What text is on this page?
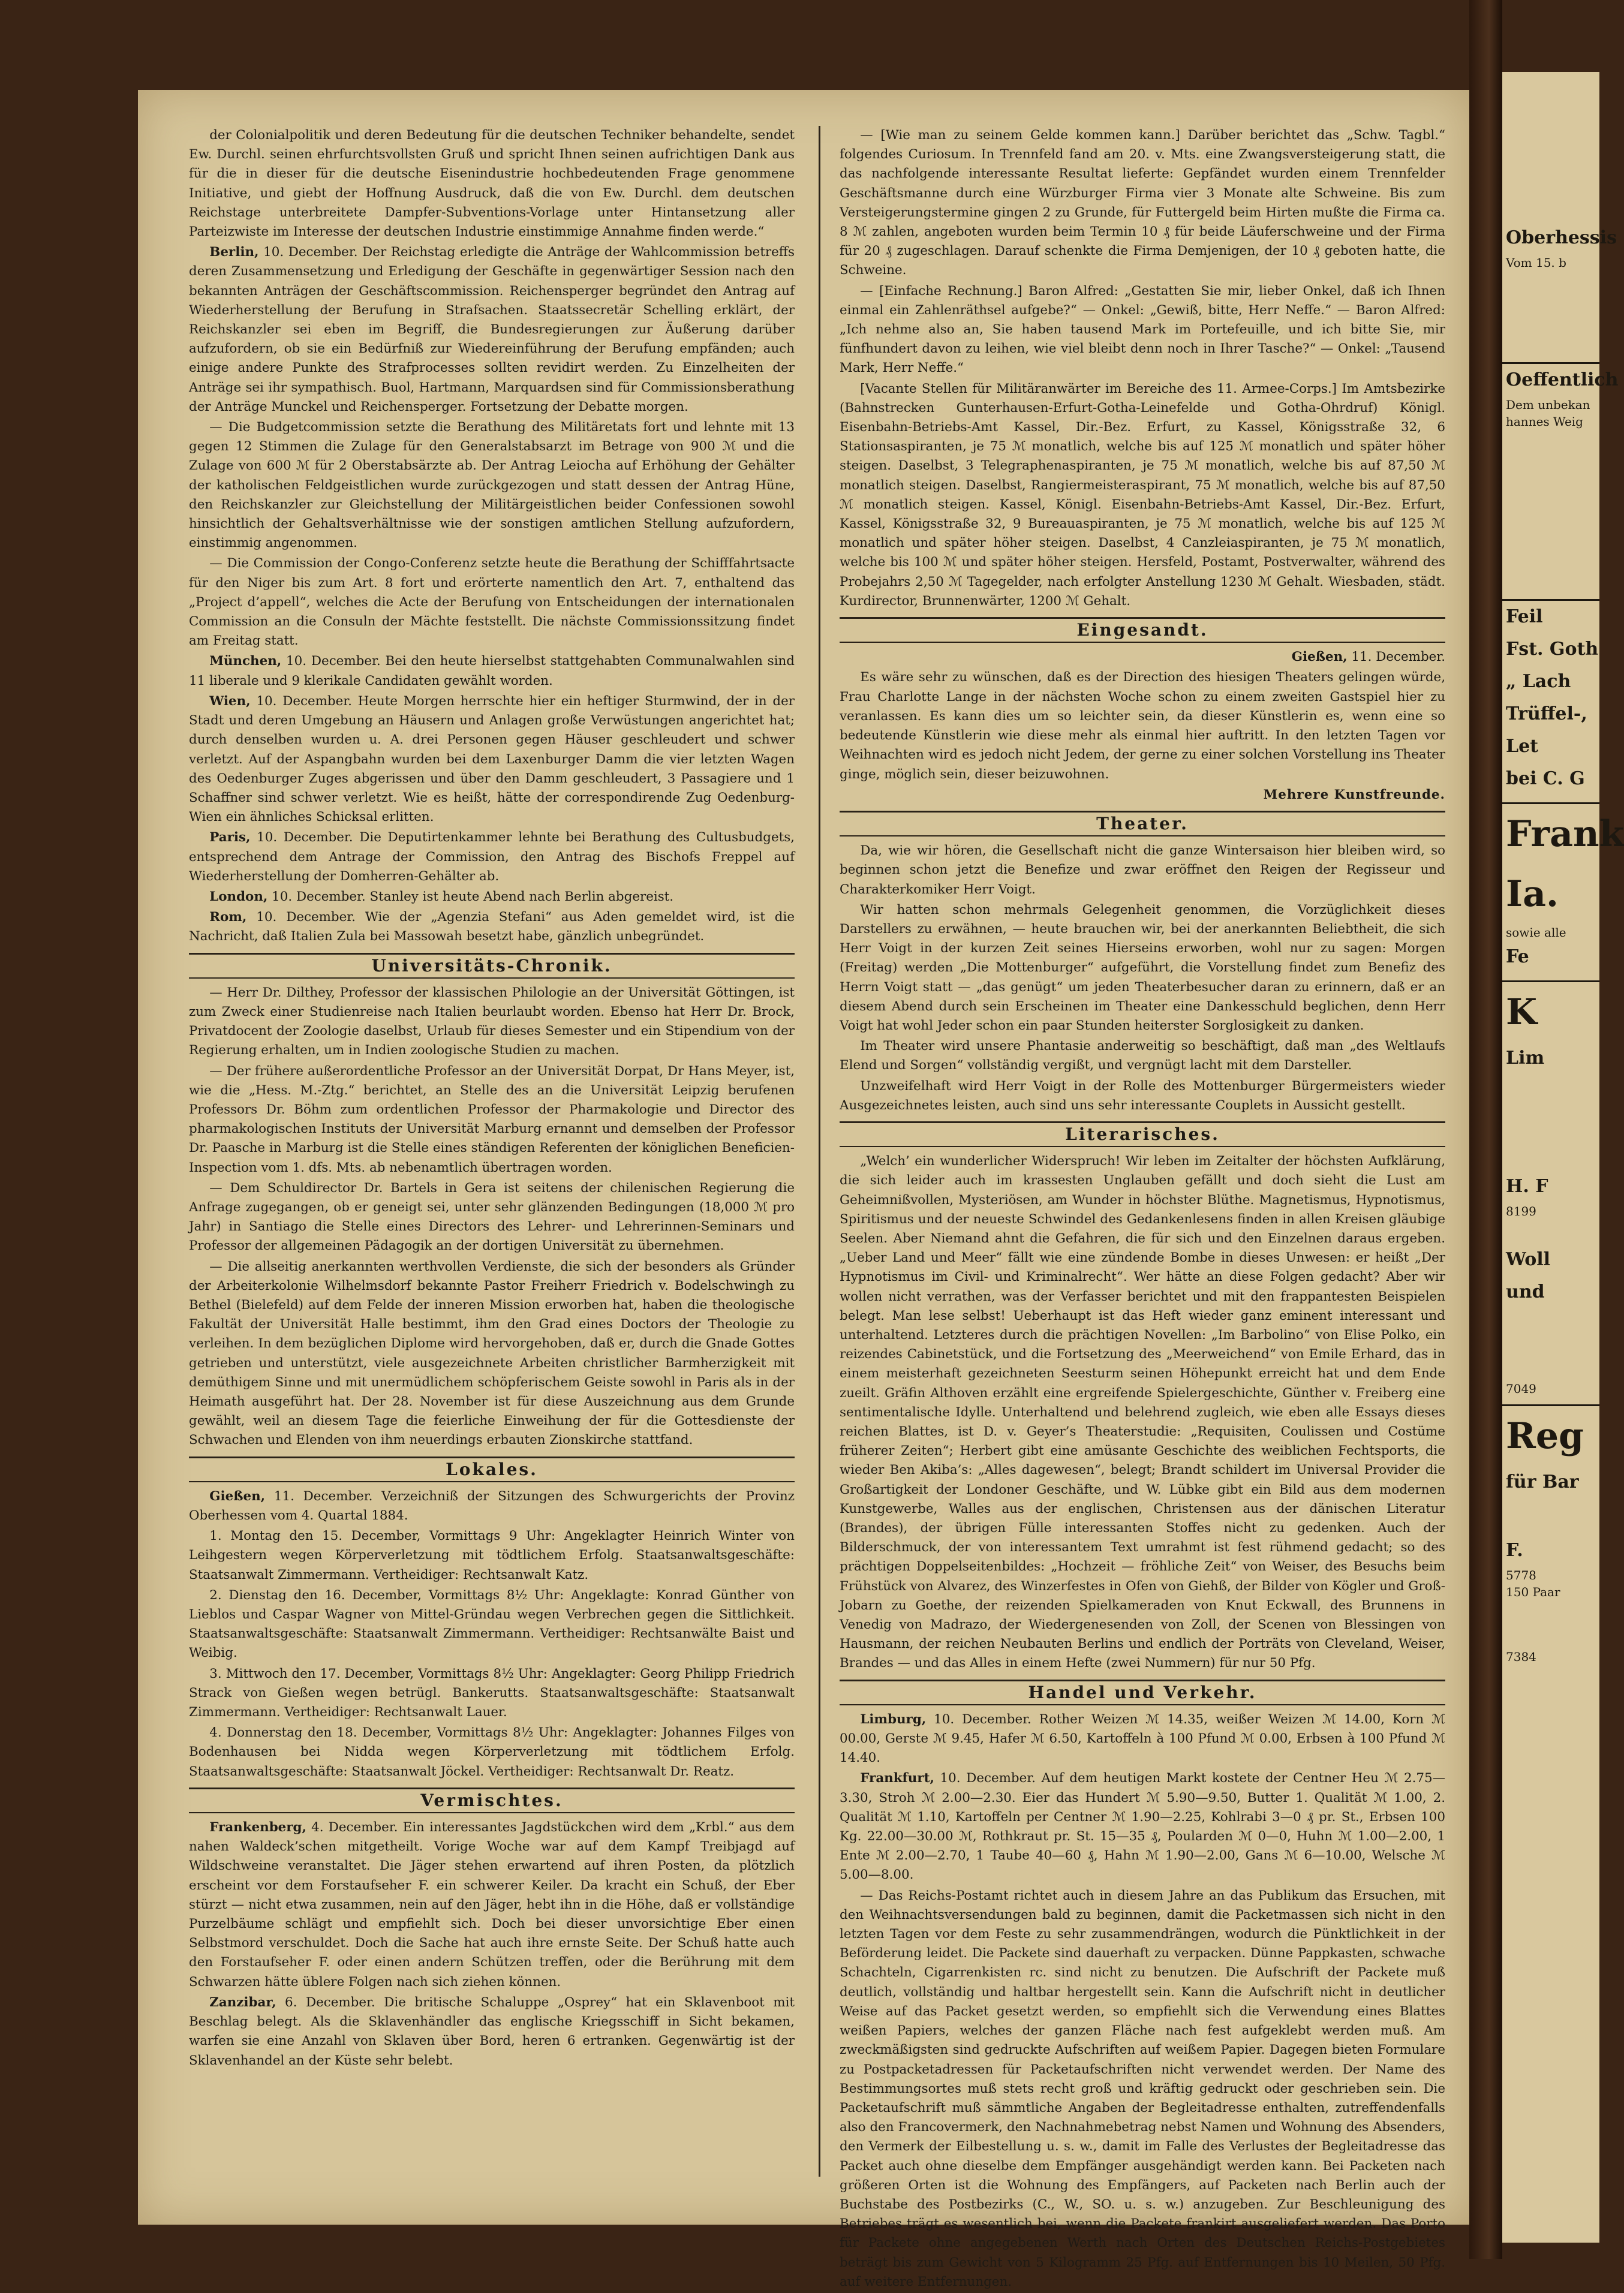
der Colonialpolitik und deren Bedeutung für die deutschen Techniker behandelte, sendet Ew. Durchl. seinen ehrfurchtsvollsten Gruß und spricht Ihnen seinen aufrichtigen Dank aus für die in dieser für die deutsche Eisenindustrie hochbedeutenden Frage genommene Initiative, und giebt der Hoffnung Ausdruck, daß die von Ew. Durchl. dem deutschen Reichstage unterbreitete Dampfer-Subventions-Vorlage unter Hintansetzung aller Parteizwiste im Interesse der deutschen Industrie einstimmige Annahme finden werde.“

Berlin, 10. December. Der Reichstag erledigte die Anträge der Wahlcommission betreffs deren Zusammensetzung und Erledigung der Geschäfte in gegenwärtiger Session nach den bekannten Anträgen der Geschäftscommission. Reichensperger begründet den Antrag auf Wiederherstellung der Berufung in Strafsachen. Staatssecretär Schelling erklärt, der Reichskanzler sei eben im Begriff, die Bundesregierungen zur Äußerung darüber aufzufordern, ob sie ein Bedürfniß zur Wiedereinführung der Berufung empfänden; auch einige andere Punkte des Strafprocesses sollten revidirt werden. Zu Einzelheiten der Anträge sei ihr sympathisch. Buol, Hartmann, Marquardsen sind für Commissionsberathung der Anträge Munckel und Reichensperger. Fortsetzung der Debatte morgen.

— Die Budgetcommission setzte die Berathung des Militäretats fort und lehnte mit 13 gegen 12 Stimmen die Zulage für den Generalstabsarzt im Betrage von 900 ℳ und die Zulage von 600 ℳ für 2 Oberstabsärzte ab. Der Antrag Leiocha auf Erhöhung der Gehälter der katholischen Feldgeistlichen wurde zurückgezogen und statt dessen der Antrag Hüne, den Reichskanzler zur Gleichstellung der Militärgeistlichen beider Confessionen sowohl hinsichtlich der Gehaltsverhältnisse wie der sonstigen amtlichen Stellung aufzufordern, einstimmig angenommen.

— Die Commission der Congo-Conferenz setzte heute die Berathung der Schifffahrtsacte für den Niger bis zum Art. 8 fort und erörterte namentlich den Art. 7, enthaltend das „Project d’appell“, welches die Acte der Berufung von Entscheidungen der internationalen Commission an die Consuln der Mächte feststellt. Die nächste Commissionssitzung findet am Freitag statt.

München, 10. December. Bei den heute hierselbst stattgehabten Communalwahlen sind 11 liberale und 9 klerikale Candidaten gewählt worden.

Wien, 10. December. Heute Morgen herrschte hier ein heftiger Sturmwind, der in der Stadt und deren Umgebung an Häusern und Anlagen große Verwüstungen angerichtet hat; durch denselben wurden u. A. drei Personen gegen Häuser geschleudert und schwer verletzt. Auf der Aspangbahn wurden bei dem Laxenburger Damm die vier letzten Wagen des Oedenburger Zuges abgerissen und über den Damm geschleudert, 3 Passagiere und 1 Schaffner sind schwer verletzt. Wie es heißt, hätte der correspondirende Zug Oedenburg-Wien ein ähnliches Schicksal erlitten.

Paris, 10. December. Die Deputirtenkammer lehnte bei Berathung des Cultusbudgets, entsprechend dem Antrage der Commission, den Antrag des Bischofs Freppel auf Wiederherstellung der Domherren-Gehälter ab.

London, 10. December. Stanley ist heute Abend nach Berlin abgereist.

Rom, 10. December. Wie der „Agenzia Stefani“ aus Aden gemeldet wird, ist die Nachricht, daß Italien Zula bei Massowah besetzt habe, gänzlich unbegründet.

Universitäts-Chronik.

— Herr Dr. Dilthey, Professor der klassischen Philologie an der Universität Göttingen, ist zum Zweck einer Studienreise nach Italien beurlaubt worden. Ebenso hat Herr Dr. Brock, Privatdocent der Zoologie daselbst, Urlaub für dieses Semester und ein Stipendium von der Regierung erhalten, um in Indien zoologische Studien zu machen.

— Der frühere außerordentliche Professor an der Universität Dorpat, Dr Hans Meyer, ist, wie die „Hess. M.-Ztg.“ berichtet, an Stelle des an die Universität Leipzig berufenen Professors Dr. Böhm zum ordentlichen Professor der Pharmakologie und Director des pharmakologischen Instituts der Universität Marburg ernannt und demselben der Professor Dr. Paasche in Marburg ist die Stelle eines ständigen Referenten der königlichen Beneficien-Inspection vom 1. dfs. Mts. ab nebenamtlich übertragen worden.

— Dem Schuldirector Dr. Bartels in Gera ist seitens der chilenischen Regierung die Anfrage zugegangen, ob er geneigt sei, unter sehr glänzenden Bedingungen (18,000 ℳ pro Jahr) in Santiago die Stelle eines Directors des Lehrer- und Lehrerinnen-Seminars und Professor der allgemeinen Pädagogik an der dortigen Universität zu übernehmen.

— Die allseitig anerkannten werthvollen Verdienste, die sich der besonders als Gründer der Arbeiterkolonie Wilhelmsdorf bekannte Pastor Freiherr Friedrich v. Bodelschwingh zu Bethel (Bielefeld) auf dem Felde der inneren Mission erworben hat, haben die theologische Fakultät der Universität Halle bestimmt, ihm den Grad eines Doctors der Theologie zu verleihen. In dem bezüglichen Diplome wird hervorgehoben, daß er, durch die Gnade Gottes getrieben und unterstützt, viele ausgezeichnete Arbeiten christlicher Barmherzigkeit mit demüthigem Sinne und mit unermüdlichem schöpferischem Geiste sowohl in Paris als in der Heimath ausgeführt hat. Der 28. November ist für diese Auszeichnung aus dem Grunde gewählt, weil an diesem Tage die feierliche Einweihung der für die Gottesdienste der Schwachen und Elenden von ihm neuerdings erbauten Zionskirche stattfand.

Lokales.

Gießen, 11. December. Verzeichniß der Sitzungen des Schwurgerichts der Provinz Oberhessen vom 4. Quartal 1884.

1. Montag den 15. December, Vormittags 9 Uhr: Angeklagter Heinrich Winter von Leihgestern wegen Körperverletzung mit tödtlichem Erfolg. Staatsanwaltsgeschäfte: Staatsanwalt Zimmermann. Vertheidiger: Rechtsanwalt Katz.

2. Dienstag den 16. December, Vormittags 8½ Uhr: Angeklagte: Konrad Günther von Lieblos und Caspar Wagner von Mittel-Gründau wegen Verbrechen gegen die Sittlichkeit. Staatsanwaltsgeschäfte: Staatsanwalt Zimmermann. Vertheidiger: Rechtsanwälte Baist und Weibig.

3. Mittwoch den 17. December, Vormittags 8½ Uhr: Angeklagter: Georg Philipp Friedrich Strack von Gießen wegen betrügl. Bankerutts. Staatsanwaltsgeschäfte: Staatsanwalt Zimmermann. Vertheidiger: Rechtsanwalt Lauer.

4. Donnerstag den 18. December, Vormittags 8½ Uhr: Angeklagter: Johannes Filges von Bodenhausen bei Nidda wegen Körperverletzung mit tödtlichem Erfolg. Staatsanwaltsgeschäfte: Staatsanwalt Jöckel. Vertheidiger: Rechtsanwalt Dr. Reatz.

Vermischtes.

Frankenberg, 4. December. Ein interessantes Jagdstückchen wird dem „Krbl.“ aus dem nahen Waldeck’schen mitgetheilt. Vorige Woche war auf dem Kampf Treibjagd auf Wildschweine veranstaltet. Die Jäger stehen erwartend auf ihren Posten, da plötzlich erscheint vor dem Forstaufseher F. ein schwerer Keiler. Da kracht ein Schuß, der Eber stürzt — nicht etwa zusammen, nein auf den Jäger, hebt ihn in die Höhe, daß er vollständige Purzelbäume schlägt und empfiehlt sich. Doch bei dieser unvorsichtige Eber einen Selbstmord verschuldet. Doch die Sache hat auch ihre ernste Seite. Der Schuß hatte auch den Forstaufseher F. oder einen andern Schützen treffen, oder die Berührung mit dem Schwarzen hätte üblere Folgen nach sich ziehen können.

Zanzibar, 6. December. Die britische Schaluppe „Osprey“ hat ein Sklavenboot mit Beschlag belegt. Als die Sklavenhändler das englische Kriegsschiff in Sicht bekamen, warfen sie eine Anzahl von Sklaven über Bord, heren 6 ertranken. Gegenwärtig ist der Sklavenhandel an der Küste sehr belebt.

— [Wie man zu seinem Gelde kommen kann.] Darüber berichtet das „Schw. Tagbl.“ folgendes Curiosum. In Trennfeld fand am 20. v. Mts. eine Zwangsversteigerung statt, die das nachfolgende interessante Resultat lieferte: Gepfändet wurden einem Trennfelder Geschäftsmanne durch eine Würzburger Firma vier 3 Monate alte Schweine. Bis zum Versteigerungstermine gingen 2 zu Grunde, für Futtergeld beim Hirten mußte die Firma ca. 8 ℳ zahlen, angeboten wurden beim Termin 10 ₰ für beide Läuferschweine und der Firma für 20 ₰ zugeschlagen. Darauf schenkte die Firma Demjenigen, der 10 ₰ geboten hatte, die Schweine.

— [Einfache Rechnung.] Baron Alfred: „Gestatten Sie mir, lieber Onkel, daß ich Ihnen einmal ein Zahlenräthsel aufgebe?“ — Onkel: „Gewiß, bitte, Herr Neffe.“ — Baron Alfred: „Ich nehme also an, Sie haben tausend Mark im Portefeuille, und ich bitte Sie, mir fünfhundert davon zu leihen, wie viel bleibt denn noch in Ihrer Tasche?“ — Onkel: „Tausend Mark, Herr Neffe.“

[Vacante Stellen für Militäranwärter im Bereiche des 11. Armee-Corps.] Im Amtsbezirke (Bahnstrecken Gunterhausen-Erfurt-Gotha-Leinefelde und Gotha-Ohrdruf) Königl. Eisenbahn-Betriebs-Amt Kassel, Dir.-Bez. Erfurt, zu Kassel, Königsstraße 32, 6 Stationsaspiranten, je 75 ℳ monatlich, welche bis auf 125 ℳ monatlich und später höher steigen. Daselbst, 3 Telegraphenaspiranten, je 75 ℳ monatlich, welche bis auf 87,50 ℳ monatlich steigen. Daselbst, Rangiermeisteraspirant, 75 ℳ monatlich, welche bis auf 87,50 ℳ monatlich steigen. Kassel, Königl. Eisenbahn-Betriebs-Amt Kassel, Dir.-Bez. Erfurt, Kassel, Königsstraße 32, 9 Bureauaspiranten, je 75 ℳ monatlich, welche bis auf 125 ℳ monatlich und später höher steigen. Daselbst, 4 Canzleiaspiranten, je 75 ℳ monatlich, welche bis 100 ℳ und später höher steigen. Hersfeld, Postamt, Postverwalter, während des Probejahrs 2,50 ℳ Tagegelder, nach erfolgter Anstellung 1230 ℳ Gehalt. Wiesbaden, städt. Kurdirector, Brunnenwärter, 1200 ℳ Gehalt.

Eingesandt.

Gießen, 11. December.

Es wäre sehr zu wünschen, daß es der Direction des hiesigen Theaters gelingen würde, Frau Charlotte Lange in der nächsten Woche schon zu einem zweiten Gastspiel hier zu veranlassen. Es kann dies um so leichter sein, da dieser Künstlerin es, wenn eine so bedeutende Künstlerin wie diese mehr als einmal hier auftritt. In den letzten Tagen vor Weihnachten wird es jedoch nicht Jedem, der gerne zu einer solchen Vorstellung ins Theater ginge, möglich sein, dieser beizuwohnen.

Mehrere Kunstfreunde.
Theater.

Da, wie wir hören, die Gesellschaft nicht die ganze Wintersaison hier bleiben wird, so beginnen schon jetzt die Benefize und zwar eröffnet den Reigen der Regisseur und Charakterkomiker Herr Voigt.

Wir hatten schon mehrmals Gelegenheit genommen, die Vorzüglichkeit dieses Darstellers zu erwähnen, — heute brauchen wir, bei der anerkannten Beliebtheit, die sich Herr Voigt in der kurzen Zeit seines Hierseins erworben, wohl nur zu sagen: Morgen (Freitag) werden „Die Mottenburger“ aufgeführt, die Vorstellung findet zum Benefiz des Herrn Voigt statt — „das genügt“ um jeden Theaterbesucher daran zu erinnern, daß er an diesem Abend durch sein Erscheinen im Theater eine Dankesschuld beglichen, denn Herr Voigt hat wohl Jeder schon ein paar Stunden heiterster Sorglosigkeit zu danken.

Im Theater wird unsere Phantasie anderweitig so beschäftigt, daß man „des Weltlaufs Elend und Sorgen“ vollständig vergißt, und vergnügt lacht mit dem Darsteller.

Unzweifelhaft wird Herr Voigt in der Rolle des Mottenburger Bürgermeisters wieder Ausgezeichnetes leisten, auch sind uns sehr interessante Couplets in Aussicht gestellt.

Literarisches.

„Welch’ ein wunderlicher Widerspruch! Wir leben im Zeitalter der höchsten Aufklärung, die sich leider auch im krassesten Unglauben gefällt und doch sieht die Lust am Geheimnißvollen, Mysteriösen, am Wunder in höchster Blüthe. Magnetismus, Hypnotismus, Spiritismus und der neueste Schwindel des Gedankenlesens finden in allen Kreisen gläubige Seelen. Aber Niemand ahnt die Gefahren, die für sich und den Einzelnen daraus ergeben. „Ueber Land und Meer“ fällt wie eine zündende Bombe in dieses Unwesen: er heißt „Der Hypnotismus im Civil- und Kriminalrecht“. Wer hätte an diese Folgen gedacht? Aber wir wollen nicht verrathen, was der Verfasser berichtet und mit den frappantesten Beispielen belegt. Man lese selbst! Ueberhaupt ist das Heft wieder ganz eminent interessant und unterhaltend. Letzteres durch die prächtigen Novellen: „Im Barbolino“ von Elise Polko, ein reizendes Cabinetstück, und die Fortsetzung des „Meerweichend“ von Emile Erhard, das in einem meisterhaft gezeichneten Seesturm seinen Höhepunkt erreicht hat und dem Ende zueilt. Gräfin Althoven erzählt eine ergreifende Spielergeschichte, Günther v. Freiberg eine sentimentalische Idylle. Unterhaltend und belehrend zugleich, wie eben alle Essays dieses reichen Blattes, ist D. v. Geyer’s Theaterstudie: „Requisiten, Coulissen und Costüme früherer Zeiten“; Herbert gibt eine amüsante Geschichte des weiblichen Fechtsports, die wieder Ben Akiba’s: „Alles dagewesen“, belegt; Brandt schildert im Universal Provider die Großartigkeit der Londoner Geschäfte, und W. Lübke gibt ein Bild aus dem modernen Kunstgewerbe, Walles aus der englischen, Christensen aus der dänischen Literatur (Brandes), der übrigen Fülle interessanten Stoffes nicht zu gedenken. Auch der Bilderschmuck, der von interessantem Text umrahmt ist fest rühmend gedacht; so des prächtigen Doppelseitenbildes: „Hochzeit — fröhliche Zeit“ von Weiser, des Besuchs beim Frühstück von Alvarez, des Winzerfestes in Ofen von Giehß, der Bilder von Kögler und Groß-Jobarn zu Goethe, der reizenden Spielkameraden von Knut Eckwall, des Brunnens in Venedig von Madrazo, der Wiedergenesenden von Zoll, der Scenen von Blessingen von Hausmann, der reichen Neubauten Berlins und endlich der Porträts von Cleveland, Weiser, Brandes — und das Alles in einem Hefte (zwei Nummern) für nur 50 Pfg.

Handel und Verkehr.

Limburg, 10. December. Rother Weizen ℳ 14.35, weißer Weizen ℳ 14.00, Korn ℳ 00.00, Gerste ℳ 9.45, Hafer ℳ 6.50, Kartoffeln à 100 Pfund ℳ 0.00, Erbsen à 100 Pfund ℳ 14.40.

Frankfurt, 10. December. Auf dem heutigen Markt kostete der Centner Heu ℳ 2.75—3.30, Stroh ℳ 2.00—2.30. Eier das Hundert ℳ 5.90—9.50, Butter 1. Qualität ℳ 1.00, 2. Qualität ℳ 1.10, Kartoffeln per Centner ℳ 1.90—2.25, Kohlrabi 3—0 ₰ pr. St., Erbsen 100 Kg. 22.00—30.00 ℳ, Rothkraut pr. St. 15—35 ₰, Poularden ℳ 0—0, Huhn ℳ 1.00—2.00, 1 Ente ℳ 2.00—2.70, 1 Taube 40—60 ₰, Hahn ℳ 1.90—2.00, Gans ℳ 6—10.00, Welsche ℳ 5.00—8.00.

— Das Reichs-Postamt richtet auch in diesem Jahre an das Publikum das Ersuchen, mit den Weihnachtsversendungen bald zu beginnen, damit die Packetmassen sich nicht in den letzten Tagen vor dem Feste zu sehr zusammendrängen, wodurch die Pünktlichkeit in der Beförderung leidet. Die Packete sind dauerhaft zu verpacken. Dünne Pappkasten, schwache Schachteln, Cigarrenkisten rc. sind nicht zu benutzen. Die Aufschrift der Packete muß deutlich, vollständig und haltbar hergestellt sein. Kann die Aufschrift nicht in deutlicher Weise auf das Packet gesetzt werden, so empfiehlt sich die Verwendung eines Blattes weißen Papiers, welches der ganzen Fläche nach fest aufgeklebt werden muß. Am zweckmäßigsten sind gedruckte Aufschriften auf weißem Papier. Dagegen bieten Formulare zu Postpacketadressen für Packetaufschriften nicht verwendet werden. Der Name des Bestimmungsortes muß stets recht groß und kräftig gedruckt oder geschrieben sein. Die Packetaufschrift muß sämmtliche Angaben der Begleitadresse enthalten, zutreffendenfalls also den Francovermerk, den Nachnahmebetrag nebst Namen und Wohnung des Absenders, den Vermerk der Eilbestellung u. s. w., damit im Falle des Verlustes der Begleitadresse das Packet auch ohne dieselbe dem Empfänger ausgehändigt werden kann. Bei Packeten nach größeren Orten ist die Wohnung des Empfängers, auf Packeten nach Berlin auch der Buchstabe des Postbezirks (C., W., SO. u. s. w.) anzugeben. Zur Beschleunigung des Betriebes trägt es wesentlich bei, wenn die Packete frankirt ausgeliefert werden. Das Porto für Packete ohne angegebenen Werth nach Orten des Deutschen Reichs-Postgebietes beträgt bis zum Gewicht von 5 Kilogramm 25 Pfg. auf Entfernungen bis 10 Meilen, 50 Pfg. auf weitere Entfernungen.

Oberhessis
Vom 15. b
Oeffentlich
Dem unbekan
hannes Weig
Feil
Fst. Goth
„ Lach
Trüffel-,
Let
bei C. G
Frank
Ia.
sowie alle
Fe
K
Lim
H. F
8199
Woll
und
7049
Reg
für Bar
F.
5778
150 Paar
7384
